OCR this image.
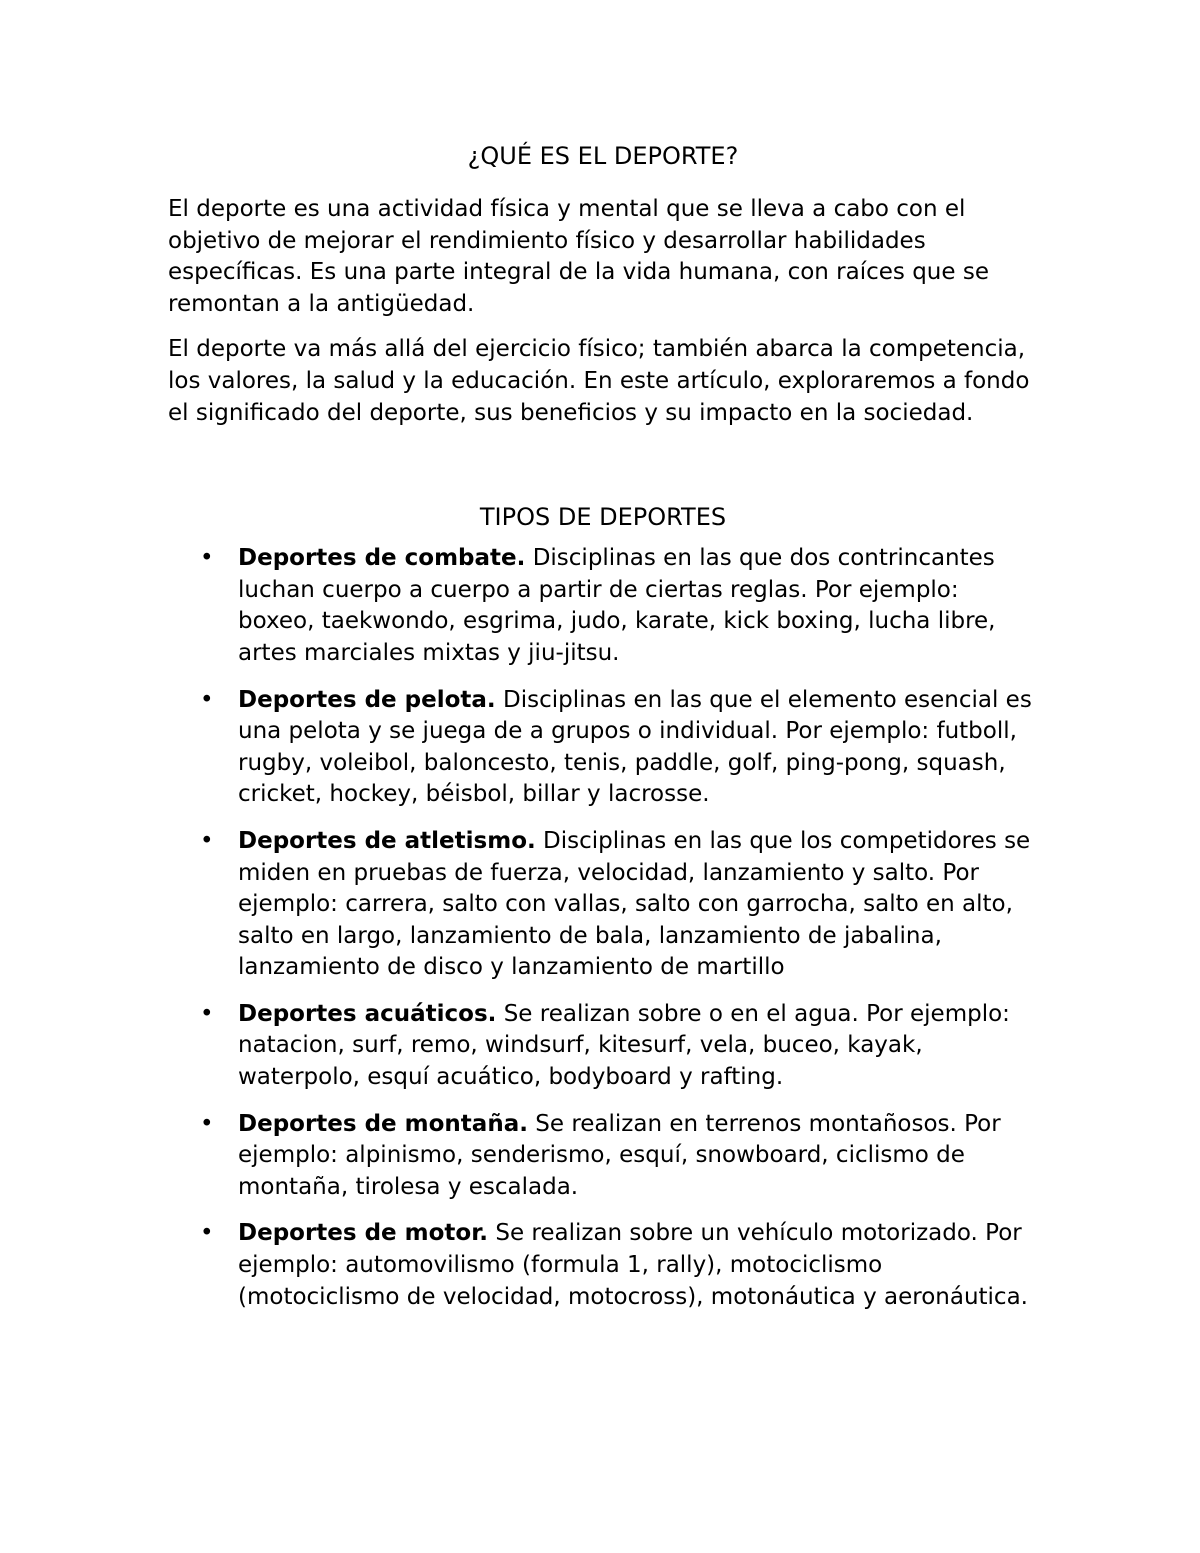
¿QUÉ ES EL DEPORTE?

El deporte es una actividad física y mental que se lleva a cabo con el objetivo de mejorar el rendimiento físico y desarrollar habilidades específicas. Es una parte integral de la vida humana, con raíces que se remontan a la antigüedad.

El deporte va más allá del ejercicio físico; también abarca la competencia, los valores, la salud y la educación. En este artículo, exploraremos a fondo el significado del deporte, sus beneficios y su impacto en la sociedad.

TIPOS DE DEPORTES
• Deportes de combate. Disciplinas en las que dos contrincantes luchan cuerpo a cuerpo a partir de ciertas reglas. Por ejemplo: boxeo, taekwondo, esgrima, judo, karate, kick boxing, lucha libre, artes marciales mixtas y jiu-jitsu.
• Deportes de pelota. Disciplinas en las que el elemento esencial es una pelota y se juega de a grupos o individual. Por ejemplo: futboll, rugby, voleibol, baloncesto, tenis, paddle, golf, ping-pong, squash, cricket, hockey, béisbol, billar y lacrosse.
• Deportes de atletismo. Disciplinas en las que los competidores se miden en pruebas de fuerza, velocidad, lanzamiento y salto. Por ejemplo: carrera, salto con vallas, salto con garrocha, salto en alto, salto en largo, lanzamiento de bala, lanzamiento de jabalina, lanzamiento de disco y lanzamiento de martillo
• Deportes acuáticos. Se realizan sobre o en el agua. Por ejemplo: natacion, surf, remo, windsurf, kitesurf, vela, buceo, kayak, waterpolo, esquí acuático, bodyboard y rafting.
• Deportes de montaña. Se realizan en terrenos montañosos. Por ejemplo: alpinismo, senderismo, esquí, snowboard, ciclismo de montaña, tirolesa y escalada.
• Deportes de motor. Se realizan sobre un vehículo motorizado. Por ejemplo: automovilismo (formula 1, rally), motociclismo (motociclismo de velocidad, motocross), motonáutica y aeronáutica.
